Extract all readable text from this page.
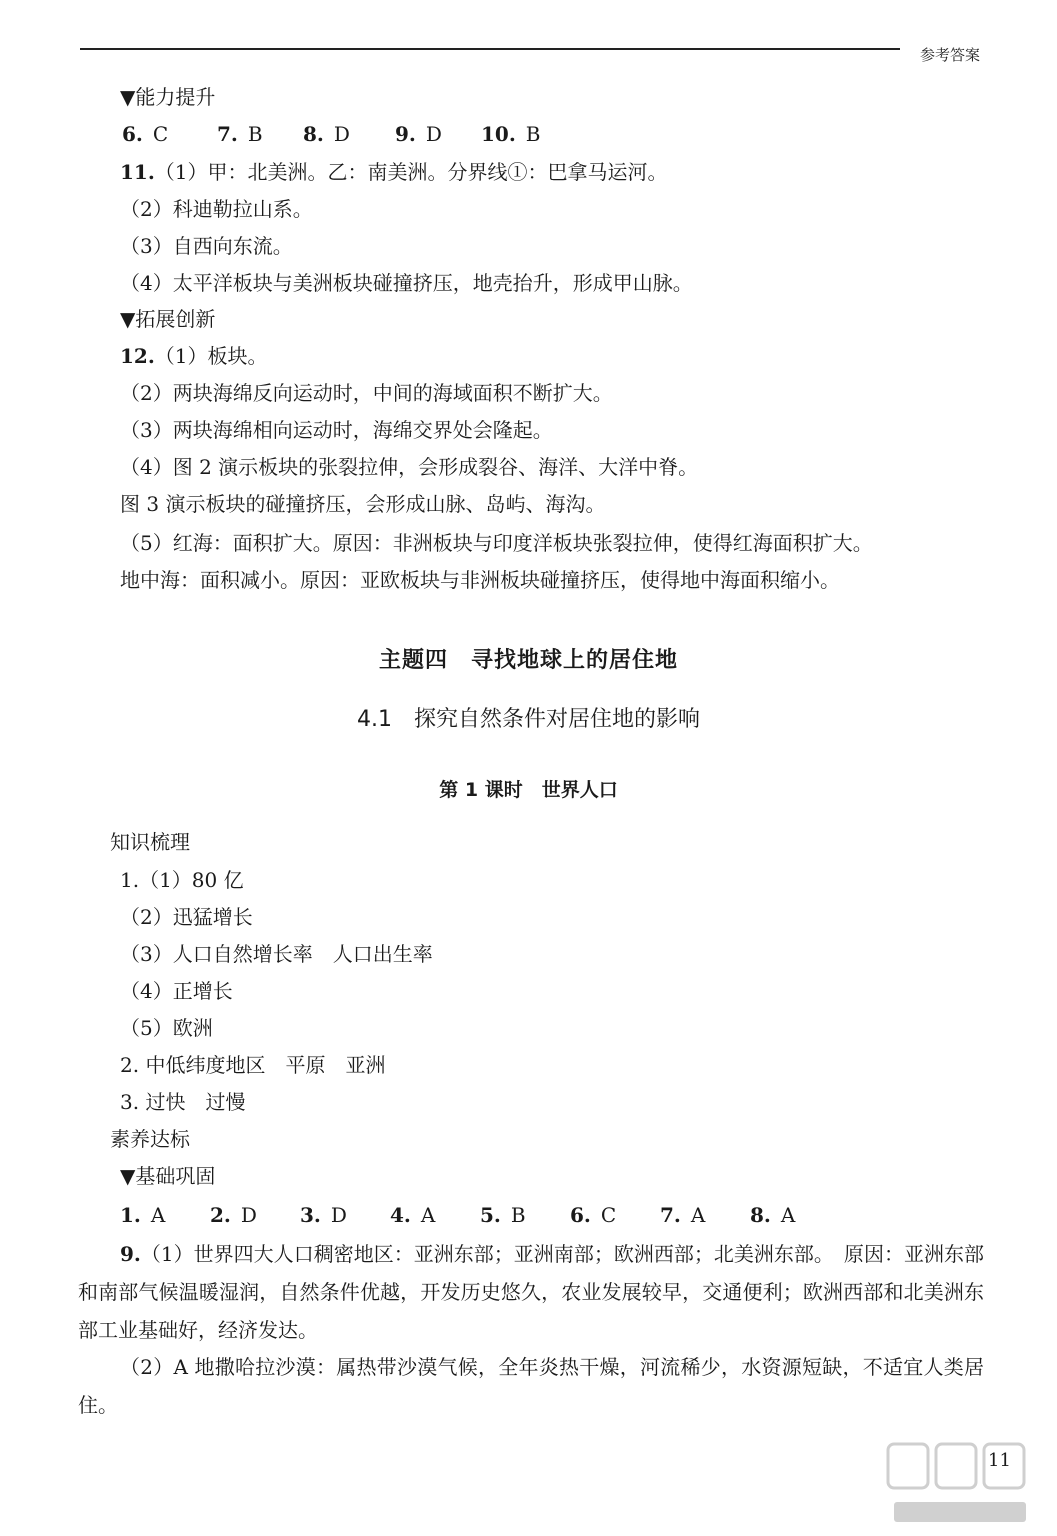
参考答案
▼能力提升
6. C 7. B 8. D 9. D 10. B
11.（1）甲：北美洲。乙：南美洲。分界线①：巴拿马运河。
（2）科迪勒拉山系。
（3）自西向东流。
（4）太平洋板块与美洲板块碰撞挤压，地壳抬升，形成甲山脉。
▼拓展创新
12.（1）板块。
（2）两块海绵反向运动时，中间的海域面积不断扩大。
（3）两块海绵相向运动时，海绵交界处会隆起。
（4）图 2 演示板块的张裂拉伸，会形成裂谷、海洋、大洋中脊。
图 3 演示板块的碰撞挤压，会形成山脉、岛屿、海沟。
（5）红海：面积扩大。原因：非洲板块与印度洋板块张裂拉伸，使得红海面积扩大。
地中海：面积减小。原因：亚欧板块与非洲板块碰撞挤压，使得地中海面积缩小。
主题四　寻找地球上的居住地
4.1　探究自然条件对居住地的影响
第 1 课时　世界人口
知识梳理
1.（1）80 亿
（2）迅猛增长
（3）人口自然增长率　人口出生率
（4）正增长
（5）欧洲
2. 中低纬度地区　平原　亚洲
3. 过快　过慢
素养达标
▼基础巩固
1. A 2. D 3. D 4. A 5. B 6. C 7. A 8. A
9.（1）世界四大人口稠密地区：亚洲东部；亚洲南部；欧洲西部；北美洲东部。　原因：亚洲东部和南部气候温暖湿润，自然条件优越，开发历史悠久，农业发展较早，交通便利；欧洲西部和北美洲东部工业基础好，经济发达。
（2）A 地撒哈拉沙漠：属热带沙漠气候，全年炎热干燥，河流稀少，水资源短缺，不适宜人类居住。
11
